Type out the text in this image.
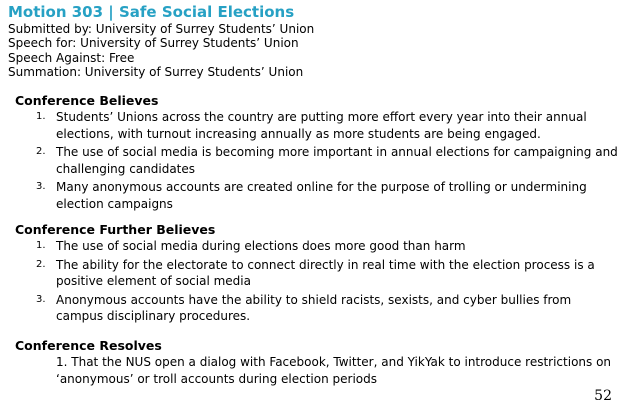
Motion 303 | Safe Social Elections
Submitted by: University of Surrey Students’ Union
Speech for: University of Surrey Students’ Union
Speech Against: Free
Summation: University of Surrey Students’ Union
Conference Believes
1. Students’ Unions across the country are putting more effort every year into their annual elections, with turnout increasing annually as more students are being engaged.
2. The use of social media is becoming more important in annual elections for campaigning and challenging candidates
3. Many anonymous accounts are created online for the purpose of trolling or undermining election campaigns
Conference Further Believes
1. The use of social media during elections does more good than harm
2. The ability for the electorate to connect directly in real time with the election process is a positive element of social media
3. Anonymous accounts have the ability to shield racists, sexists, and cyber bullies from campus disciplinary procedures.
Conference Resolves
1. That the NUS open a dialog with Facebook, Twitter, and YikYak to introduce restrictions on ‘anonymous’ or troll accounts during election periods
52
